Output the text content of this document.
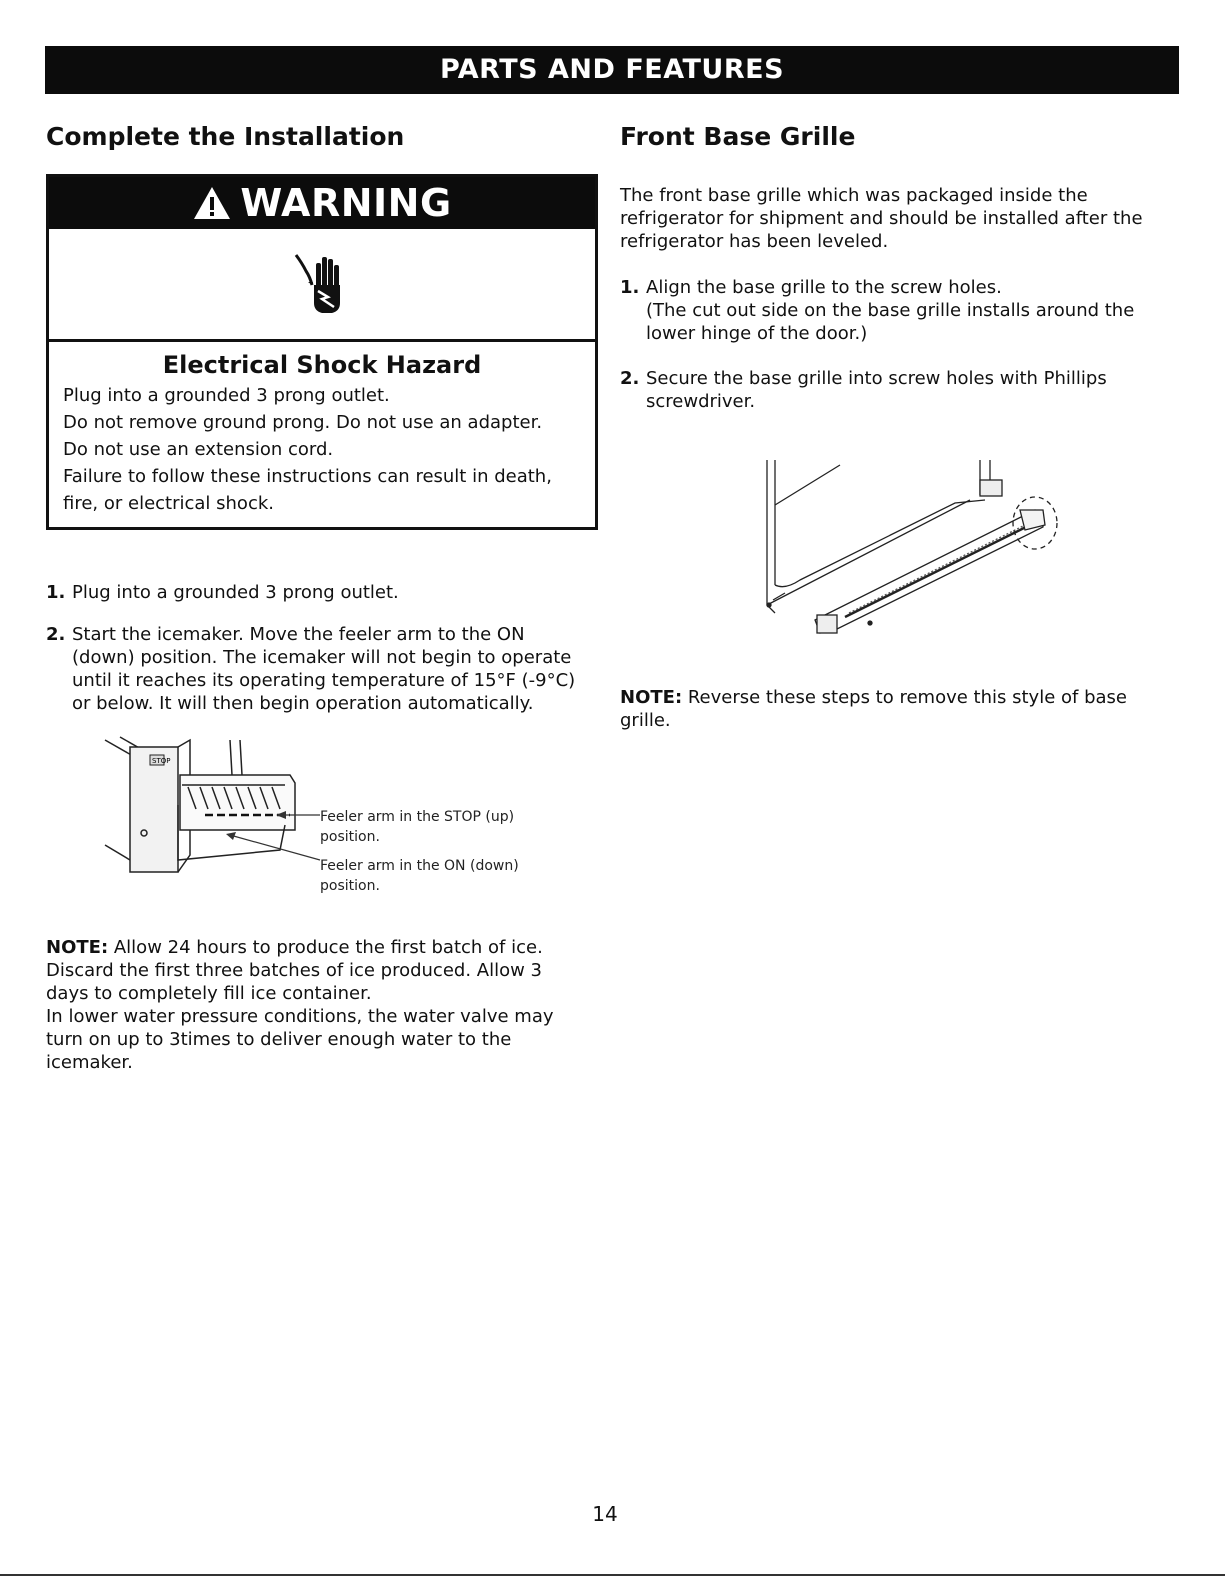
PARTS AND FEATURES
Complete the Installation
WARNING
Electrical Shock Hazard
Plug into a grounded 3 prong outlet.
Do not remove ground prong. Do not use an adapter.
Do not use an extension cord.
Failure to follow these instructions can result in death,
fire, or electrical shock.
1. Plug into a grounded 3 prong outlet.
2. Start the icemaker. Move the feeler arm to the ON (down) position. The icemaker will not begin to operate until it reaches its operating temperature of 15°F (-9°C) or below. It will then begin operation automatically.
STOP
Feeler arm in the STOP (up) position.
Feeler arm in the ON (down) position.

NOTE: Allow 24 hours to produce the first batch of ice. Discard the first three batches of ice produced. Allow 3 days to completely fill ice container.
In lower water pressure conditions, the water valve may turn on up to 3times to deliver enough water to the icemaker.

Front Base Grille

The front base grille which was packaged inside the refrigerator for shipment and should be installed after the refrigerator has been leveled.

1. Align the base grille to the screw holes.
(The cut out side on the base grille installs around the lower hinge of the door.)
2. Secure the base grille into screw holes with Phillips screwdriver.

NOTE: Reverse these steps to remove this style of base grille.

14
